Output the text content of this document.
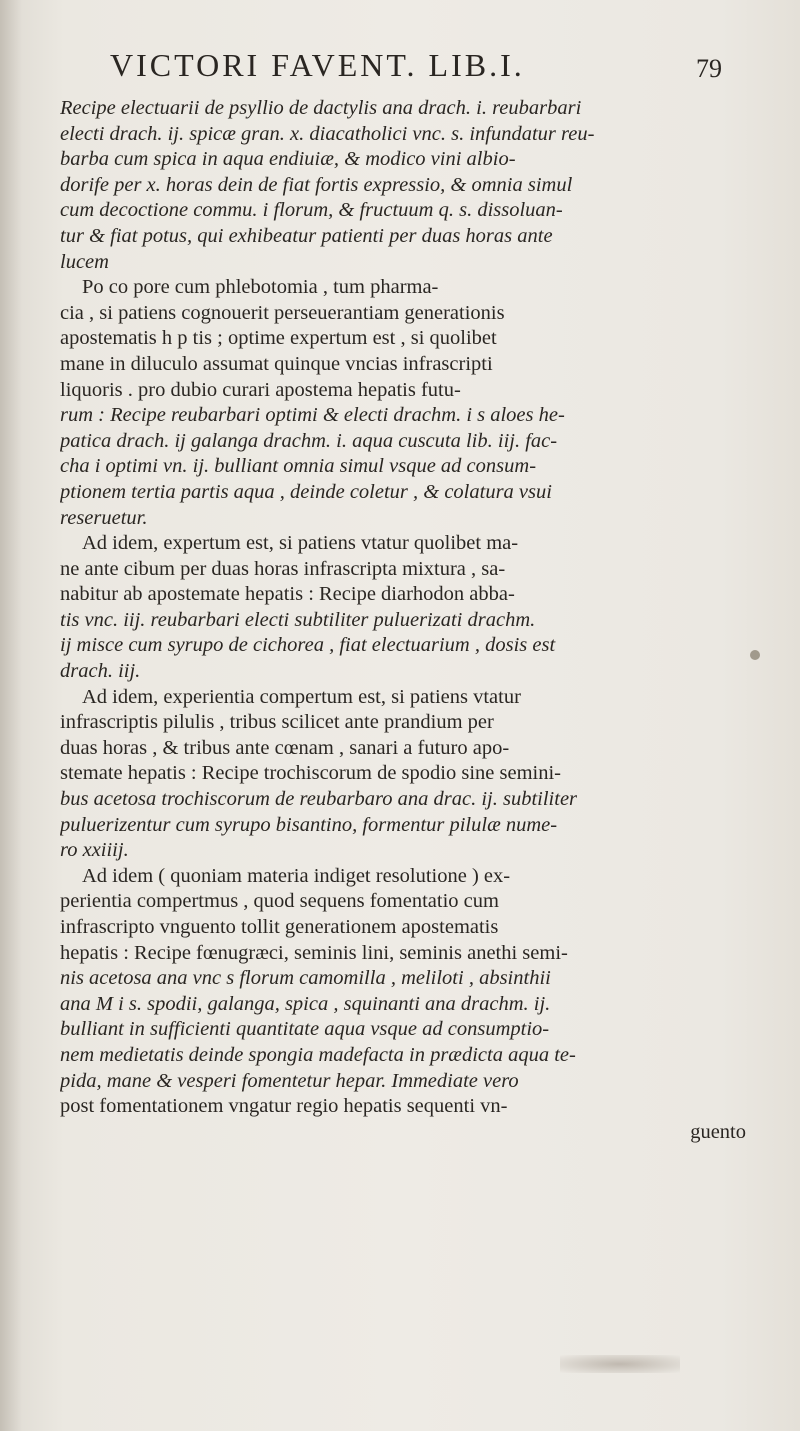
VICTORI FAVENT. LIB.I.	79
Recipe electuarii de psyllio de dactylis ana drach. i. reubarbari
electi drach. ij. spicæ gran. x. diacatholici vnc. s. infundatur reu-
barba cum spica in aqua endiuiæ, & modico vini albio-
dorife per x. horas dein de fiat fortis expressio, & omnia simul
cum decoctione commu. i florum, & fructuum q. s. dissoluan-
tur & fiat potus, qui exhibeatur patienti per duas horas ante
lucem
Po co pore cum phlebotomia , tum pharma-
cia , si patiens cognouerit perseuerantiam generationis
apostematis h p tis ; optime expertum est , si quolibet
mane in diluculo assumat quinque vncias infrascripti
liquoris . pro dubio curari apostema hepatis futu-
rum : Recipe reubarbari optimi & electi drachm. i s aloes he-
patica drach. ij galanga drachm. i. aqua cuscuta lib. iij. fac-
cha i optimi vn. ij. bulliant omnia simul vsque ad consum-
ptionem tertia partis aqua , deinde coletur , & colatura vsui
reseruetur.
Ad idem, expertum est, si patiens vtatur quolibet ma-
ne ante cibum per duas horas infrascripta mixtura , sa-
nabitur ab apostemate hepatis : Recipe diarhodon abba-
tis vnc. iij. reubarbari electi subtiliter puluerizati drachm.
ij misce cum syrupo de cichorea , fiat electuarium , dosis est
drach. iij.
Ad idem, experientia compertum est, si patiens vtatur
infrascriptis pilulis , tribus scilicet ante prandium per
duas horas , & tribus ante cœnam , sanari a futuro apo-
stemate hepatis : Recipe trochiscorum de spodio sine semini-
bus acetosa trochiscorum de reubarbaro ana drac. ij. subtiliter
puluerizentur cum syrupo bisantino, formentur pilulæ nume-
ro xxiiij.
Ad idem ( quoniam materia indiget resolutione ) ex-
perientia compertmus , quod sequens fomentatio cum
infrascripto vnguento tollit generationem apostematis
hepatis : Recipe fœnugræci, seminis lini, seminis anethi semi-
nis acetosa ana vnc s florum camomilla , meliloti , absinthii
ana M i s. spodii, galanga, spica , squinanti ana drachm. ij.
bulliant in sufficienti quantitate aqua vsque ad consumptio-
nem medietatis deinde spongia madefacta in prædicta aqua te-
pida, mane & vesperi fomentetur hepar. Immediate vero
post fomentationem vngatur regio hepatis sequenti vn-
guento
